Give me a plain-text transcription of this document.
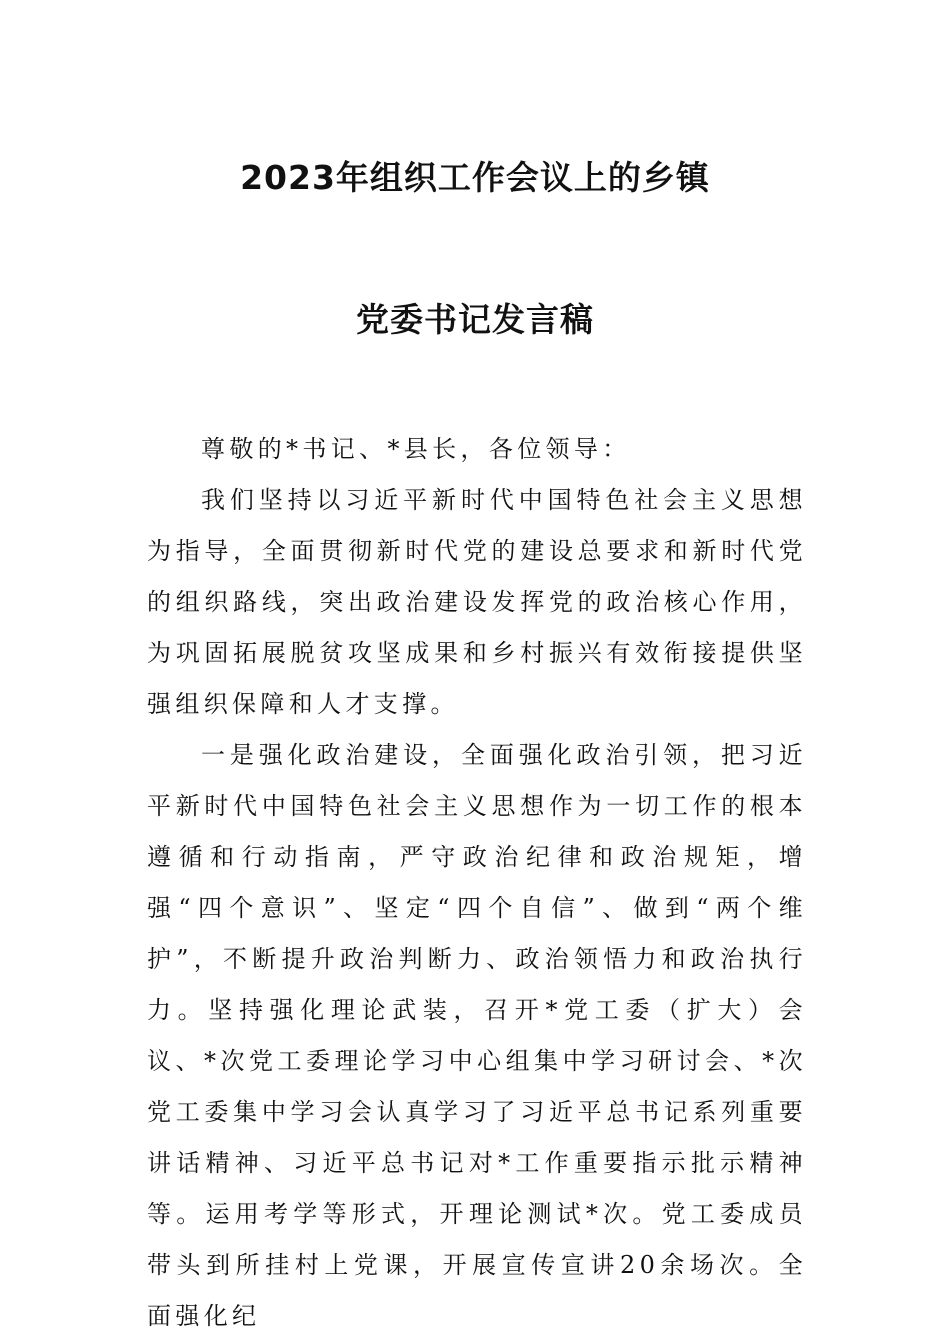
2023年组织工作会议上的乡镇
党委书记发言稿

尊敬的*书记、*县长，各位领导：

我们坚持以习近平新时代中国特色社会主义思想为指导，全面贯彻新时代党的建设总要求和新时代党的组织路线，突出政治建设发挥党的政治核心作用，为巩固拓展脱贫攻坚成果和乡村振兴有效衔接提供坚强组织保障和人才支撑。

一是强化政治建设，全面强化政治引领，把习近平新时代中国特色社会主义思想作为一切工作的根本遵循和行动指南，严守政治纪律和政治规矩，增强“四个意识”、坚定“四个自信”、做到“两个维护”，不断提升政治判断力、政治领悟力和政治执行力。坚持强化理论武装，召开*党工委（扩大）会议、*次党工委理论学习中心组集中学习研讨会、*次党工委集中学习会认真学习了习近平总书记系列重要讲话精神、习近平总书记对*工作重要指示批示精神等。运用考学等形式，开理论测试*次。党工委成员带头到所挂村上党课，开展宣传宣讲20余场次。全面强化纪
